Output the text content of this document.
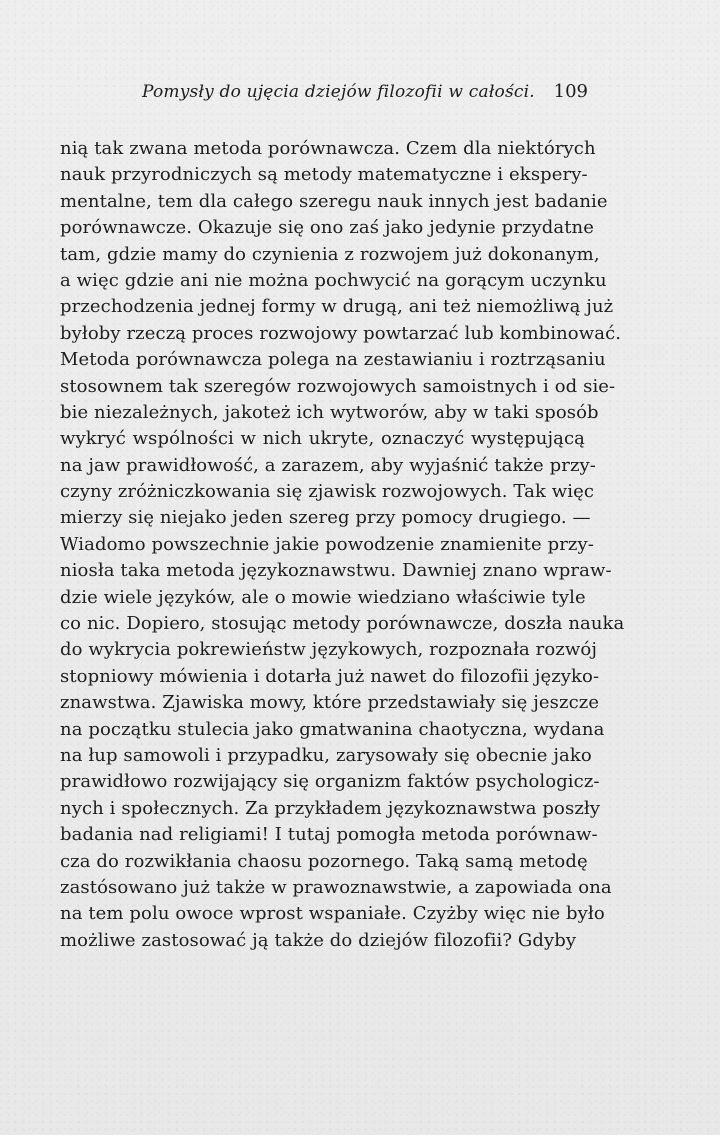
Pomysły do ujęcia dziejów filozofii w całości. 109
nią tak zwana metoda porównawcza. Czem dla niektórych
nauk przyrodniczych są metody matematyczne i ekspery-
mentalne, tem dla całego szeregu nauk innych jest badanie
porównawcze. Okazuje się ono zaś jako jedynie przydatne
tam, gdzie mamy do czynienia z rozwojem już dokonanym,
a więc gdzie ani nie można pochwycić na gorącym uczynku
przechodzenia jednej formy w drugą, ani też niemożliwą już
byłoby rzeczą proces rozwojowy powtarzać lub kombinować.
Metoda porównawcza polega na zestawianiu i roztrząsaniu
stosownem tak szeregów rozwojowych samoistnych i od sie-
bie niezależnych, jakoteż ich wytworów, aby w taki sposób
wykryć wspólności w nich ukryte, oznaczyć występującą
na jaw prawidłowość, a zarazem, aby wyjaśnić także przy-
czyny zróżniczkowania się zjawisk rozwojowych. Tak więc
mierzy się niejako jeden szereg przy pomocy drugiego. —
Wiadomo powszechnie jakie powodzenie znamienite przy-
niosła taka metoda językoznawstwu. Dawniej znano wpraw-
dzie wiele języków, ale o mowie wiedziano właściwie tyle
co nic. Dopiero, stosując metody porównawcze, doszła nauka
do wykrycia pokrewieństw językowych, rozpoznała rozwój
stopniowy mówienia i dotarła już nawet do filozofii języko-
znawstwa. Zjawiska mowy, które przedstawiały się jeszcze
na początku stulecia jako gmatwanina chaotyczna, wydana
na łup samowoli i przypadku, zarysowały się obecnie jako
prawidłowo rozwijający się organizm faktów psychologicz-
nych i społecznych. Za przykładem językoznawstwa poszły
badania nad religiami! I tutaj pomogła metoda porównaw-
cza do rozwikłania chaosu pozornego. Taką samą metodę
zastósowano już także w prawoznawstwie, a zapowiada ona
na tem polu owoce wprost wspaniałe. Czyżby więc nie było
możliwe zastosować ją także do dziejów filozofii? Gdyby
